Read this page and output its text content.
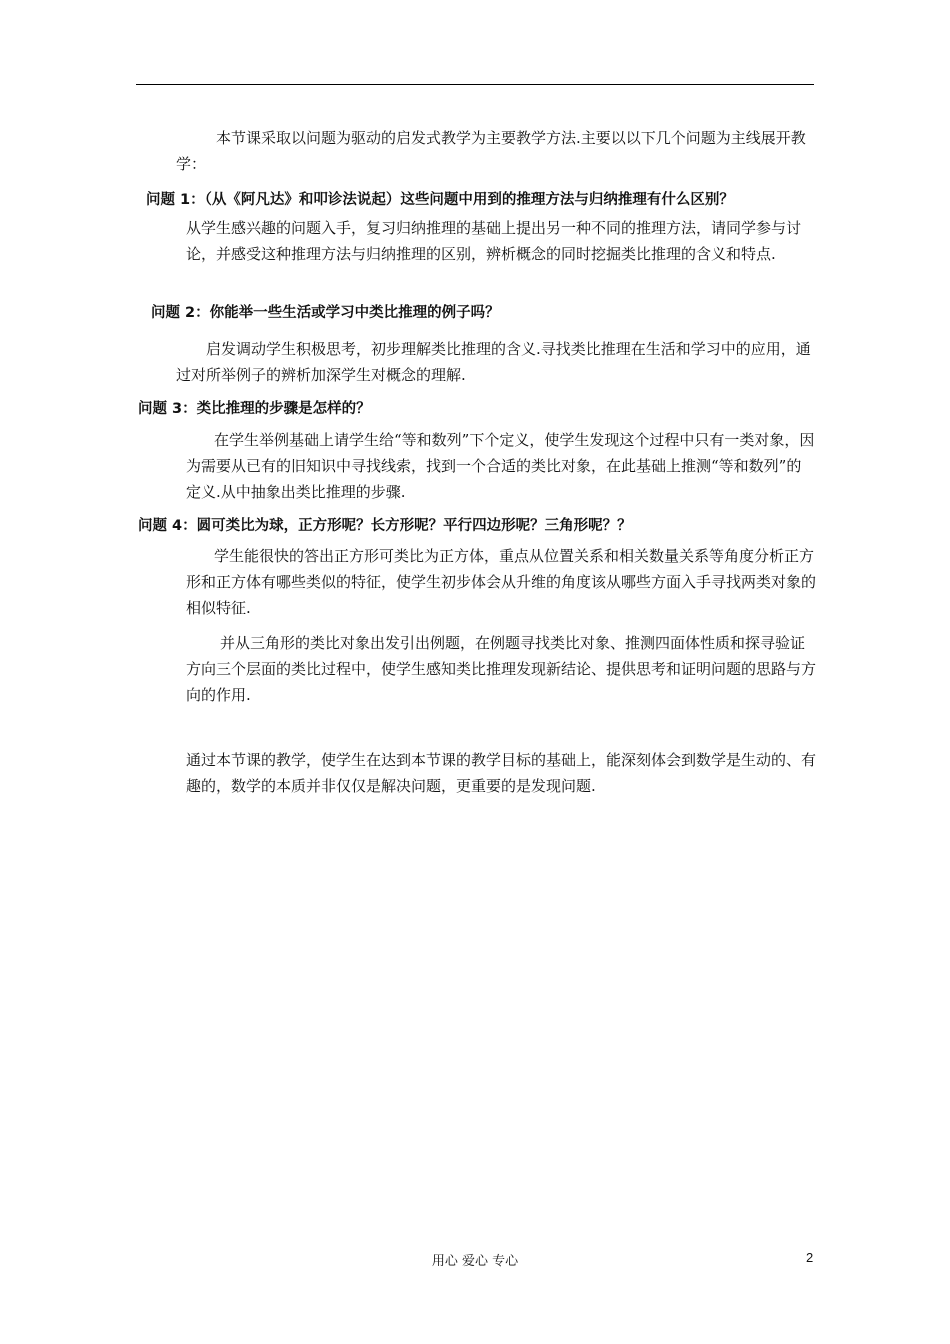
本节课采取以问题为驱动的启发式教学为主要教学方法.主要以以下几个问题为主线展开教学：

问题 1：（从《阿凡达》和叩诊法说起）这些问题中用到的推理方法与归纳推理有什么区别？

从学生感兴趣的问题入手，复习归纳推理的基础上提出另一种不同的推理方法，请同学参与讨论，并感受这种推理方法与归纳推理的区别，辨析概念的同时挖掘类比推理的含义和特点.

问题 2：你能举一些生活或学习中类比推理的例子吗？

启发调动学生积极思考，初步理解类比推理的含义.寻找类比推理在生活和学习中的应用，通过对所举例子的辨析加深学生对概念的理解.

问题 3：类比推理的步骤是怎样的？

在学生举例基础上请学生给“等和数列”下个定义，使学生发现这个过程中只有一类对象，因为需要从已有的旧知识中寻找线索，找到一个合适的类比对象，在此基础上推测“等和数列”的定义.从中抽象出类比推理的步骤.

问题 4：圆可类比为球，正方形呢？长方形呢？平行四边形呢？三角形呢？？

学生能很快的答出正方形可类比为正方体，重点从位置关系和相关数量关系等角度分析正方形和正方体有哪些类似的特征，使学生初步体会从升维的角度该从哪些方面入手寻找两类对象的相似特征.

并从三角形的类比对象出发引出例题，在例题寻找类比对象、推测四面体性质和探寻验证方向三个层面的类比过程中，使学生感知类比推理发现新结论、提供思考和证明问题的思路与方向的作用.

通过本节课的教学，使学生在达到本节课的教学目标的基础上，能深刻体会到数学是生动的、有趣的，数学的本质并非仅仅是解决问题，更重要的是发现问题.

用心 爱心 专心	2
